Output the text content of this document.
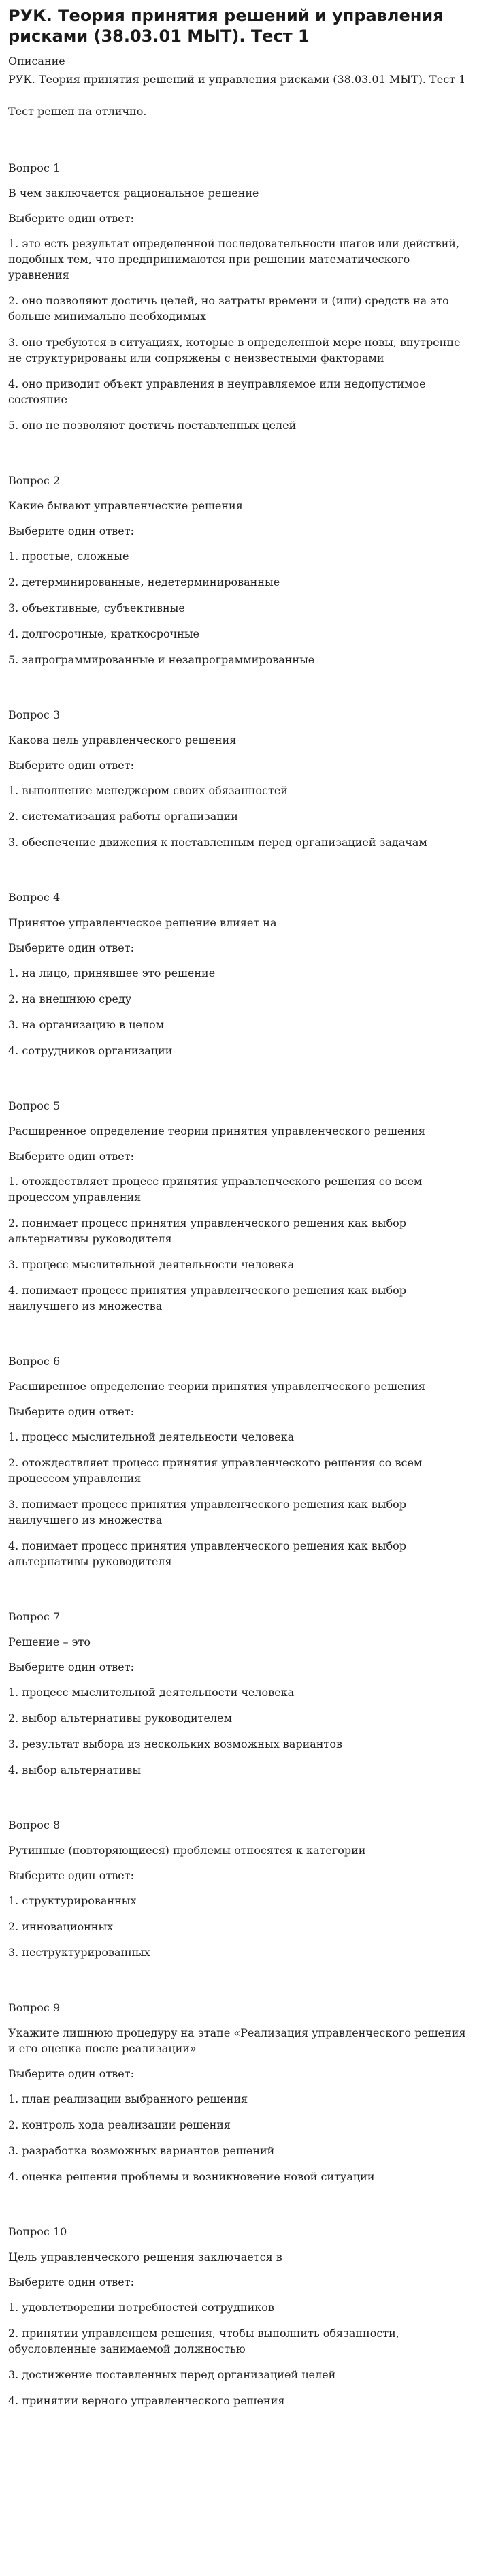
РУК. Теория принятия решений и управления рисками (38.03.01 МЫТ). Тест 1
Описание
РУК. Теория принятия решений и управления рисками (38.03.01 МЫТ). Тест 1
Тест решен на отлично.
Вопрос 1
В чем заключается рациональное решение
Выберите один ответ:
1. это есть результат определенной последовательности шагов или действий, подобных тем, что предпринимаются при решении математического уравнения
2. оно позволяют достичь целей, но затраты времени и (или) средств на это больше минимально необходимых
3. оно требуются в ситуациях, которые в определенной мере новы, внутренне не структурированы или сопряжены с неизвестными факторами
4. оно приводит объект управления в неуправляемое или недопустимое состояние
5. оно не позволяют достичь поставленных целей
Вопрос 2
Какие бывают управленческие решения
Выберите один ответ:
1. простые, сложные
2. детерминированные, недетерминированные
3. объективные, субъективные
4. долгосрочные, краткосрочные
5. запрограммированные и незапрограммированные
Вопрос 3
Какова цель управленческого решения
Выберите один ответ:
1. выполнение менеджером своих обязанностей
2. систематизация работы организации
3. обеспечение движения к поставленным перед организацией задачам
Вопрос 4
Принятое управленческое решение влияет на
Выберите один ответ:
1. на лицо, принявшее это решение
2. на внешнюю среду
3. на организацию в целом
4. сотрудников организации
Вопрос 5
Расширенное определение теории принятия управленческого решения
Выберите один ответ:
1. отождествляет процесс принятия управленческого решения со всем процессом управления
2. понимает процесс принятия управленческого решения как выбор альтернативы руководителя
3. процесс мыслительной деятельности человека
4. понимает процесс принятия управленческого решения как выбор наилучшего из множества
Вопрос 6
Расширенное определение теории принятия управленческого решения
Выберите один ответ:
1. процесс мыслительной деятельности человека
2. отождествляет процесс принятия управленческого решения со всем процессом управления
3. понимает процесс принятия управленческого решения как выбор наилучшего из множества
4. понимает процесс принятия управленческого решения как выбор альтернативы руководителя
Вопрос 7
Решение – это
Выберите один ответ:
1. процесс мыслительной деятельности человека
2. выбор альтернативы руководителем
3. результат выбора из нескольких возможных вариантов
4. выбор альтернативы
Вопрос 8
Рутинные (повторяющиеся) проблемы относятся к категории
Выберите один ответ:
1. структурированных
2. инновационных
3. неструктурированных
Вопрос 9
Укажите лишнюю процедуру на этапе «Реализация управленческого решения и его оценка после реализации»
Выберите один ответ:
1. план реализации выбранного решения
2. контроль хода реализации решения
3. разработка возможных вариантов решений
4. оценка решения проблемы и возникновение новой ситуации
Вопрос 10
Цель управленческого решения заключается в
Выберите один ответ:
1. удовлетворении потребностей сотрудников
2. принятии управленцем решения, чтобы выполнить обязанности, обусловленные занимаемой должностью
3. достижение поставленных перед организацией целей
4. принятии верного управленческого решения
